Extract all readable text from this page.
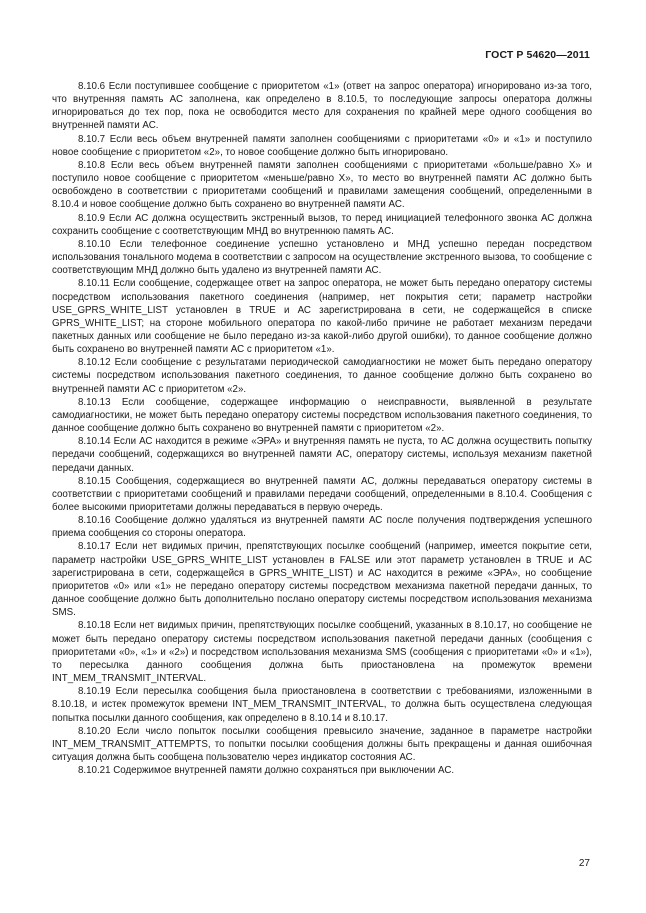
ГОСТ Р 54620—2011

8.10.6 Если поступившее сообщение с приоритетом «1» (ответ на запрос оператора) игнорировано из-за того, что внутренняя память АС заполнена, как определено в 8.10.5, то последующие запросы оператора должны игнорироваться до тех пор, пока не освободится место для сохранения по крайней мере одного сообщения во внутренней памяти АС.

8.10.7 Если весь объем внутренней памяти заполнен сообщениями с приоритетами «0» и «1» и поступило новое сообщение с приоритетом «2», то новое сообщение должно быть игнорировано.

8.10.8 Если весь объем внутренней памяти заполнен сообщениями с приоритетами «больше/равно X» и поступило новое сообщение с приоритетом «меньше/равно X», то место во внутренней памяти АС должно быть освобождено в соответствии с приоритетами сообщений и правилами замещения сообщений, определенными в 8.10.4 и новое сообщение должно быть сохранено во внутренней памяти АС.

8.10.9 Если АС должна осуществить экстренный вызов, то перед инициацией телефонного звонка АС должна сохранить сообщение с соответствующим МНД во внутреннюю память АС.

8.10.10 Если телефонное соединение успешно установлено и МНД успешно передан посредством использования тонального модема в соответствии с запросом на осуществление экстренного вызова, то сообщение с соответствующим МНД должно быть удалено из внутренней памяти АС.

8.10.11 Если сообщение, содержащее ответ на запрос оператора, не может быть передано оператору системы посредством использования пакетного соединения (например, нет покрытия сети; параметр настройки USE_GPRS_WHITE_LIST установлен в TRUE и АС зарегистрирована в сети, не содержащейся в списке GPRS_WHITE_LIST; на стороне мобильного оператора по какой-либо причине не работает механизм передачи пакетных данных или сообщение не было передано из-за какой-либо другой ошибки), то данное сообщение должно быть сохранено во внутренней памяти АС с приоритетом «1».

8.10.12 Если сообщение с результатами периодической самодиагностики не может быть передано оператору системы посредством использования пакетного соединения, то данное сообщение должно быть сохранено во внутренней памяти АС с приоритетом «2».

8.10.13 Если сообщение, содержащее информацию о неисправности, выявленной в результате самодиагностики, не может быть передано оператору системы посредством использования пакетного соединения, то данное сообщение должно быть сохранено во внутренней памяти с приоритетом «2».

8.10.14 Если АС находится в режиме «ЭРА» и внутренняя память не пуста, то АС должна осуществить попытку передачи сообщений, содержащихся во внутренней памяти АС, оператору системы, используя механизм пакетной передачи данных.

8.10.15 Сообщения, содержащиеся во внутренней памяти АС, должны передаваться оператору системы в соответствии с приоритетами сообщений и правилами передачи сообщений, определенными в 8.10.4. Сообщения с более высокими приоритетами должны передаваться в первую очередь.

8.10.16 Сообщение должно удаляться из внутренней памяти АС после получения подтверждения успешного приема сообщения со стороны оператора.

8.10.17 Если нет видимых причин, препятствующих посылке сообщений (например, имеется покрытие сети, параметр настройки USE_GPRS_WHITE_LIST установлен в FALSE или этот параметр установлен в TRUE и АС зарегистрирована в сети, содержащейся в GPRS_WHITE_LIST) и АС находится в режиме «ЭРА», но сообщение приоритетов «0» или «1» не передано оператору системы посредством механизма пакетной передачи данных, то данное сообщение должно быть дополнительно послано оператору системы посредством использования механизма SMS.

8.10.18 Если нет видимых причин, препятствующих посылке сообщений, указанных в 8.10.17, но сообщение не может быть передано оператору системы посредством использования пакетной передачи данных (сообщения с приоритетами «0», «1» и «2») и посредством использования механизма SMS (сообщения с приоритетами «0» и «1»), то пересылка данного сообщения должна быть приостановлена на промежуток времени INT_MEM_TRANSMIT_INTERVAL.

8.10.19 Если пересылка сообщения была приостановлена в соответствии с требованиями, изложенными в 8.10.18, и истек промежуток времени INT_MEM_TRANSMIT_INTERVAL, то должна быть осуществлена следующая попытка посылки данного сообщения, как определено в 8.10.14 и 8.10.17.

8.10.20 Если число попыток посылки сообщения превысило значение, заданное в параметре настройки INT_MEM_TRANSMIT_ATTEMPTS, то попытки посылки сообщения должны быть прекращены и данная ошибочная ситуация должна быть сообщена пользователю через индикатор состояния АС.

8.10.21 Содержимое внутренней памяти должно сохраняться при выключении АС.

27
